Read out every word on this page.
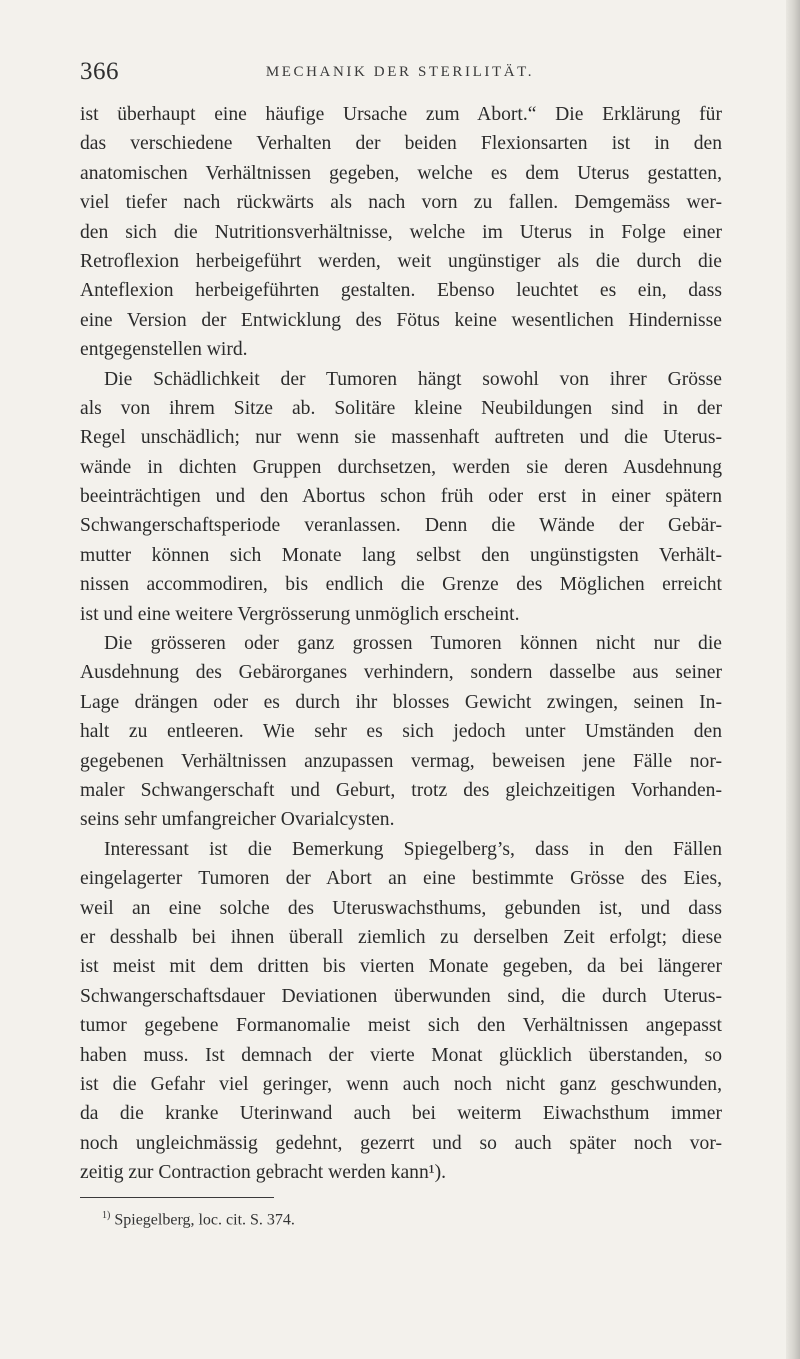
366	MECHANIK DER STERILITÄT.
ist überhaupt eine häufige Ursache zum Abort.“ Die Erklärung für
das verschiedene Verhalten der beiden Flexionsarten ist in den
anatomischen Verhältnissen gegeben, welche es dem Uterus gestatten,
viel tiefer nach rückwärts als nach vorn zu fallen. Demgemäss wer-
den sich die Nutritionsverhältnisse, welche im Uterus in Folge einer
Retroflexion herbeigeführt werden, weit ungünstiger als die durch die
Anteflexion herbeigeführten gestalten. Ebenso leuchtet es ein, dass
eine Version der Entwicklung des Fötus keine wesentlichen Hindernisse
entgegenstellen wird.
Die Schädlichkeit der Tumoren hängt sowohl von ihrer Grösse
als von ihrem Sitze ab. Solitäre kleine Neubildungen sind in der
Regel unschädlich; nur wenn sie massenhaft auftreten und die Uterus-
wände in dichten Gruppen durchsetzen, werden sie deren Ausdehnung
beeinträchtigen und den Abortus schon früh oder erst in einer spätern
Schwangerschaftsperiode veranlassen. Denn die Wände der Gebär-
mutter können sich Monate lang selbst den ungünstigsten Verhält-
nissen accommodiren, bis endlich die Grenze des Möglichen erreicht
ist und eine weitere Vergrösserung unmöglich erscheint.
Die grösseren oder ganz grossen Tumoren können nicht nur die
Ausdehnung des Gebärorganes verhindern, sondern dasselbe aus seiner
Lage drängen oder es durch ihr blosses Gewicht zwingen, seinen In-
halt zu entleeren. Wie sehr es sich jedoch unter Umständen den
gegebenen Verhältnissen anzupassen vermag, beweisen jene Fälle nor-
maler Schwangerschaft und Geburt, trotz des gleichzeitigen Vorhanden-
seins sehr umfangreicher Ovarialcysten.
Interessant ist die Bemerkung Spiegelberg’s, dass in den Fällen
eingelagerter Tumoren der Abort an eine bestimmte Grösse des Eies,
weil an eine solche des Uteruswachsthums, gebunden ist, und dass
er desshalb bei ihnen überall ziemlich zu derselben Zeit erfolgt; diese
ist meist mit dem dritten bis vierten Monate gegeben, da bei längerer
Schwangerschaftsdauer Deviationen überwunden sind, die durch Uterus-
tumor gegebene Formanomalie meist sich den Verhältnissen angepasst
haben muss. Ist demnach der vierte Monat glücklich überstanden, so
ist die Gefahr viel geringer, wenn auch noch nicht ganz geschwunden,
da die kranke Uterinwand auch bei weiterm Eiwachsthum immer
noch ungleichmässig gedehnt, gezerrt und so auch später noch vor-
zeitig zur Contraction gebracht werden kann¹).
$^{1)}$ Spiegelberg, loc. cit. S. 374.
